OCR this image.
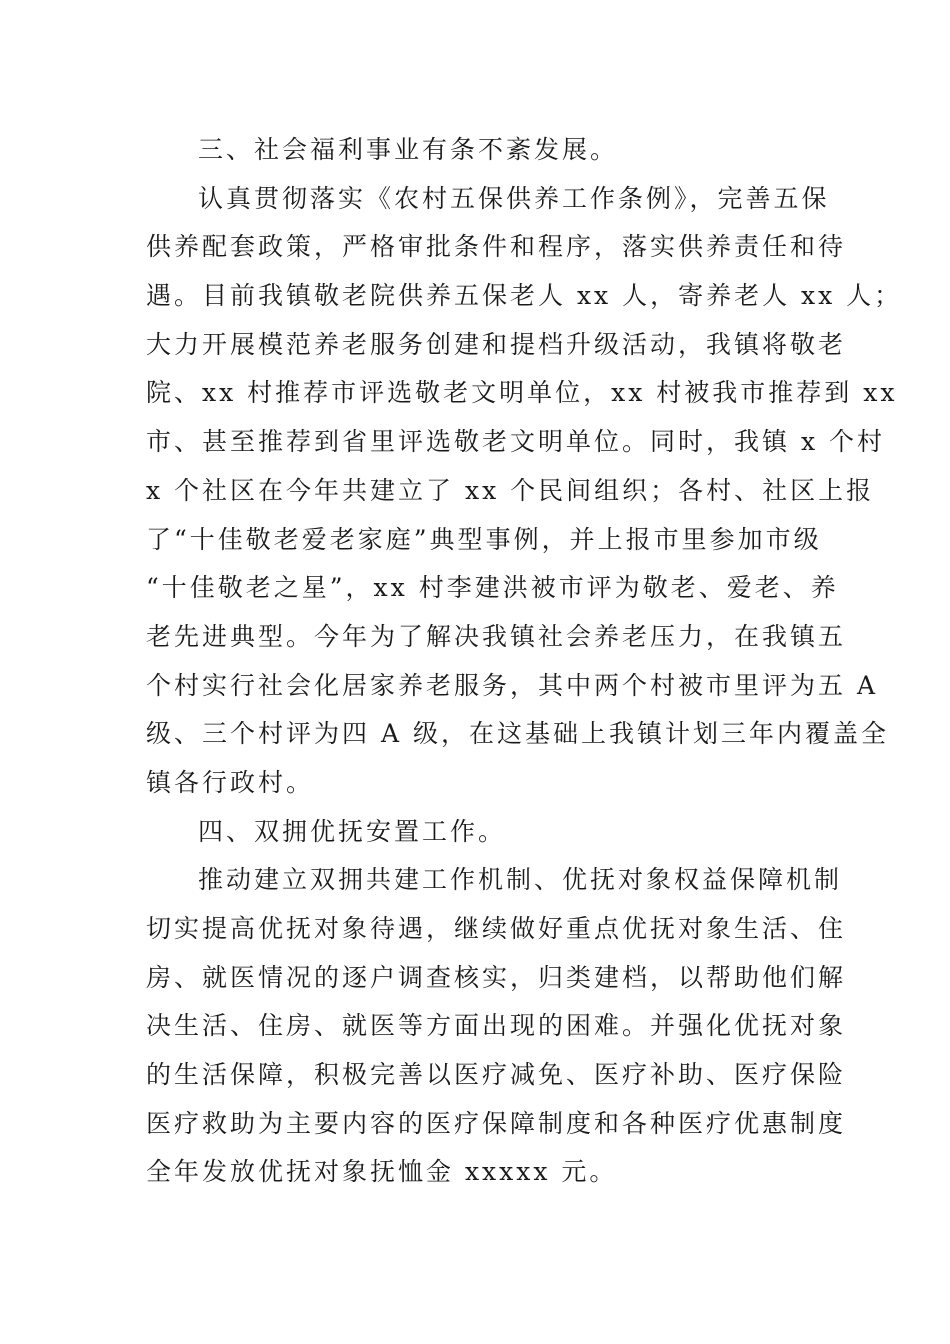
三、社会福利事业有条不紊发展。
认真贯彻落实《农村五保供养工作条例》，完善五保
供养配套政策，严格审批条件和程序，落实供养责任和待
遇。目前我镇敬老院供养五保老人 xx 人，寄养老人 xx 人；
大力开展模范养老服务创建和提档升级活动，我镇将敬老
院、xx 村推荐市评选敬老文明单位，xx 村被我市推荐到 xx
市、甚至推荐到省里评选敬老文明单位。同时，我镇 x 个村
x 个社区在今年共建立了 xx 个民间组织；各村、社区上报
了“十佳敬老爱老家庭”典型事例，并上报市里参加市级
“十佳敬老之星”，xx 村李建洪被市评为敬老、爱老、养
老先进典型。今年为了解决我镇社会养老压力，在我镇五
个村实行社会化居家养老服务，其中两个村被市里评为五 A
级、三个村评为四 A 级，在这基础上我镇计划三年内覆盖全
镇各行政村。
四、双拥优抚安置工作。
推动建立双拥共建工作机制、优抚对象权益保障机制
切实提高优抚对象待遇，继续做好重点优抚对象生活、住
房、就医情况的逐户调查核实，归类建档，以帮助他们解
决生活、住房、就医等方面出现的困难。并强化优抚对象
的生活保障，积极完善以医疗减免、医疗补助、医疗保险
医疗救助为主要内容的医疗保障制度和各种医疗优惠制度
全年发放优抚对象抚恤金 xxxxx 元。
